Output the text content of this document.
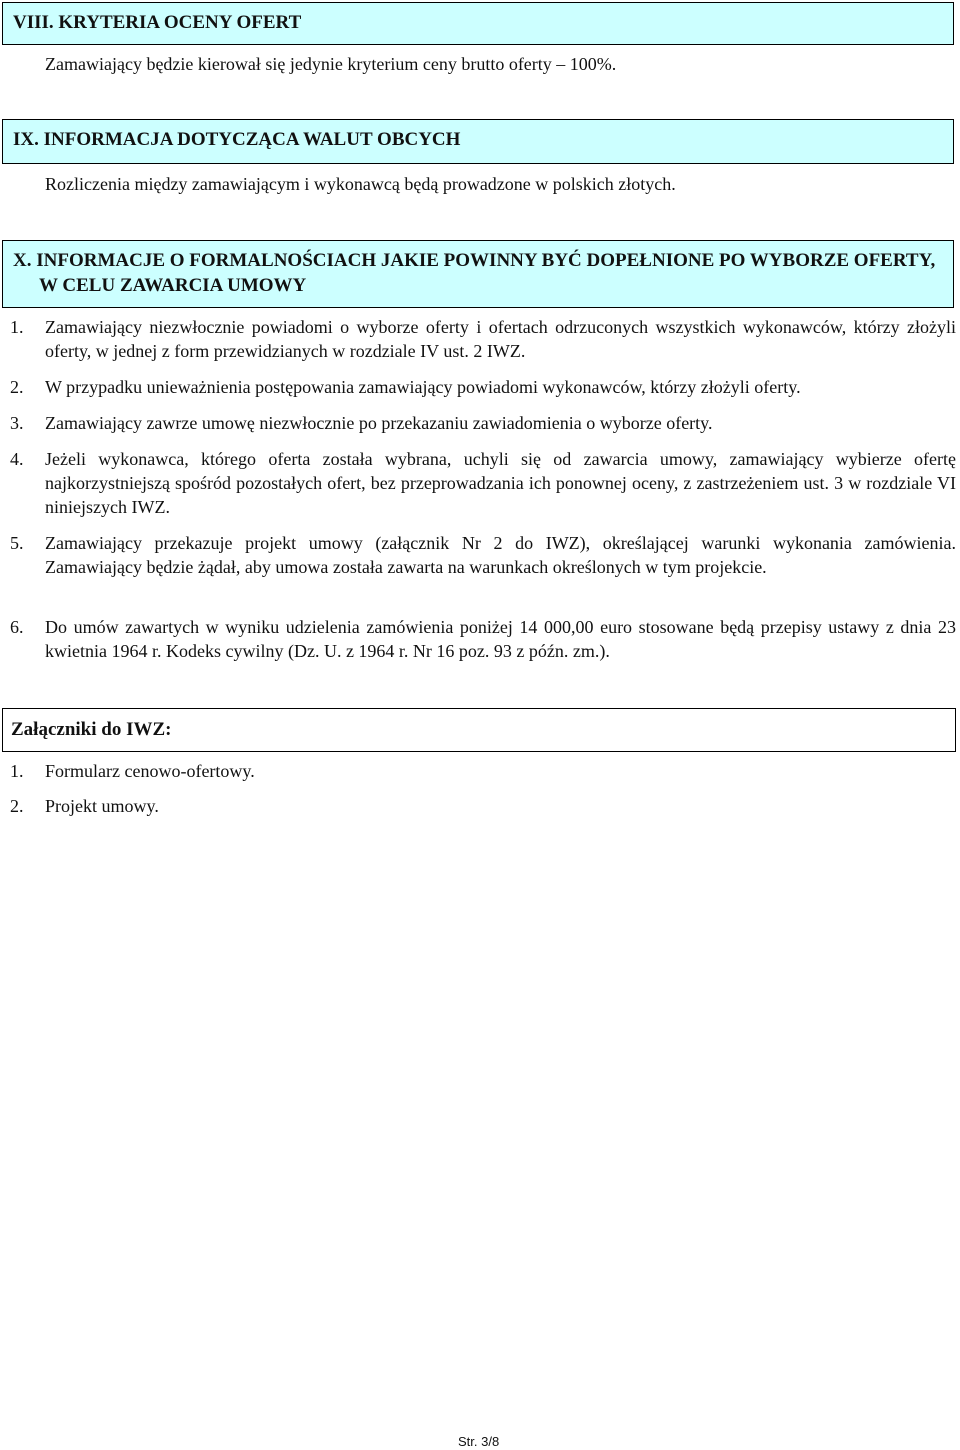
VIII. KRYTERIA OCENY OFERT
Zamawiający będzie kierował się jedynie kryterium ceny brutto oferty – 100%.
IX. INFORMACJA DOTYCZĄCA WALUT OBCYCH
Rozliczenia między zamawiającym i wykonawcą będą prowadzone w polskich złotych.
X. INFORMACJE O FORMALNOŚCIACH JAKIE POWINNY BYĆ DOPEŁNIONE PO WYBORZE OFERTY, W CELU ZAWARCIA UMOWY
1.	Zamawiający niezwłocznie powiadomi o wyborze oferty i ofertach odrzuconych wszystkich wykonawców, którzy złożyli oferty, w jednej z form przewidzianych w rozdziale IV ust. 2 IWZ.
2.	W przypadku unieważnienia postępowania zamawiający powiadomi wykonawców, którzy złożyli oferty.
3.	Zamawiający zawrze umowę niezwłocznie po przekazaniu zawiadomienia o wyborze oferty.
4.	Jeżeli wykonawca, którego oferta została wybrana, uchyli się od zawarcia umowy, zamawiający wybierze ofertę najkorzystniejszą spośród pozostałych ofert, bez przeprowadzania ich ponownej oceny, z zastrzeżeniem ust. 3 w rozdziale VI niniejszych IWZ.
5.	Zamawiający przekazuje projekt umowy (załącznik Nr 2 do IWZ), określającej warunki wykonania zamówienia. Zamawiający będzie żądał, aby umowa została zawarta na warunkach określonych w tym projekcie.
6.	Do umów zawartych w wyniku udzielenia zamówienia poniżej 14 000,00 euro stosowane będą przepisy ustawy z dnia 23 kwietnia 1964 r. Kodeks cywilny (Dz. U. z 1964 r. Nr 16 poz. 93 z późn. zm.).
Załączniki do IWZ:
1.	Formularz cenowo-ofertowy.
2.	Projekt umowy.
Str. 3/8
